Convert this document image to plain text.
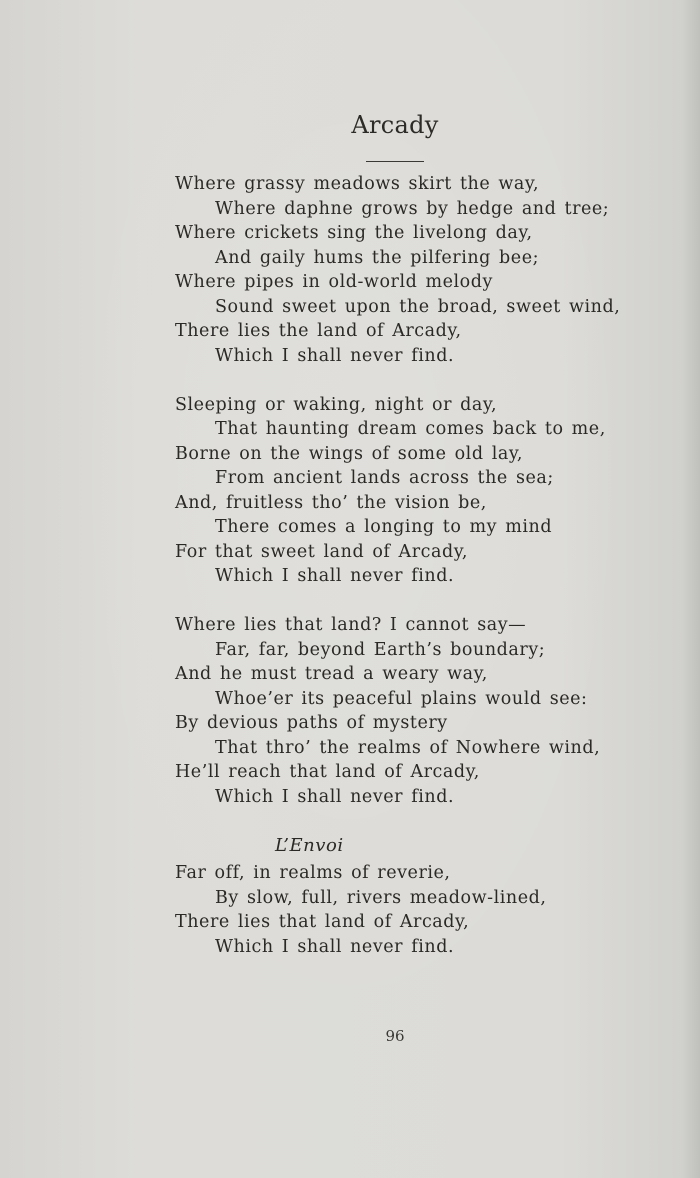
Arcady

Where grassy meadows skirt the way,

Where daphne grows by hedge and tree;

Where crickets sing the livelong day,

And gaily hums the pilfering bee;

Where pipes in old-world melody

Sound sweet upon the broad, sweet wind,

There lies the land of Arcady,

Which I shall never find.

Sleeping or waking, night or day,

That haunting dream comes back to me,

Borne on the wings of some old lay,

From ancient lands across the sea;

And, fruitless tho’ the vision be,

There comes a longing to my mind

For that sweet land of Arcady,

Which I shall never find.

Where lies that land? I cannot say—

Far, far, beyond Earth’s boundary;

And he must tread a weary way,

Whoe’er its peaceful plains would see:

By devious paths of mystery

That thro’ the realms of Nowhere wind,

He’ll reach that land of Arcady,

Which I shall never find.

L’Envoi

Far off, in realms of reverie,

By slow, full, rivers meadow-lined,

There lies that land of Arcady,

Which I shall never find.

96
